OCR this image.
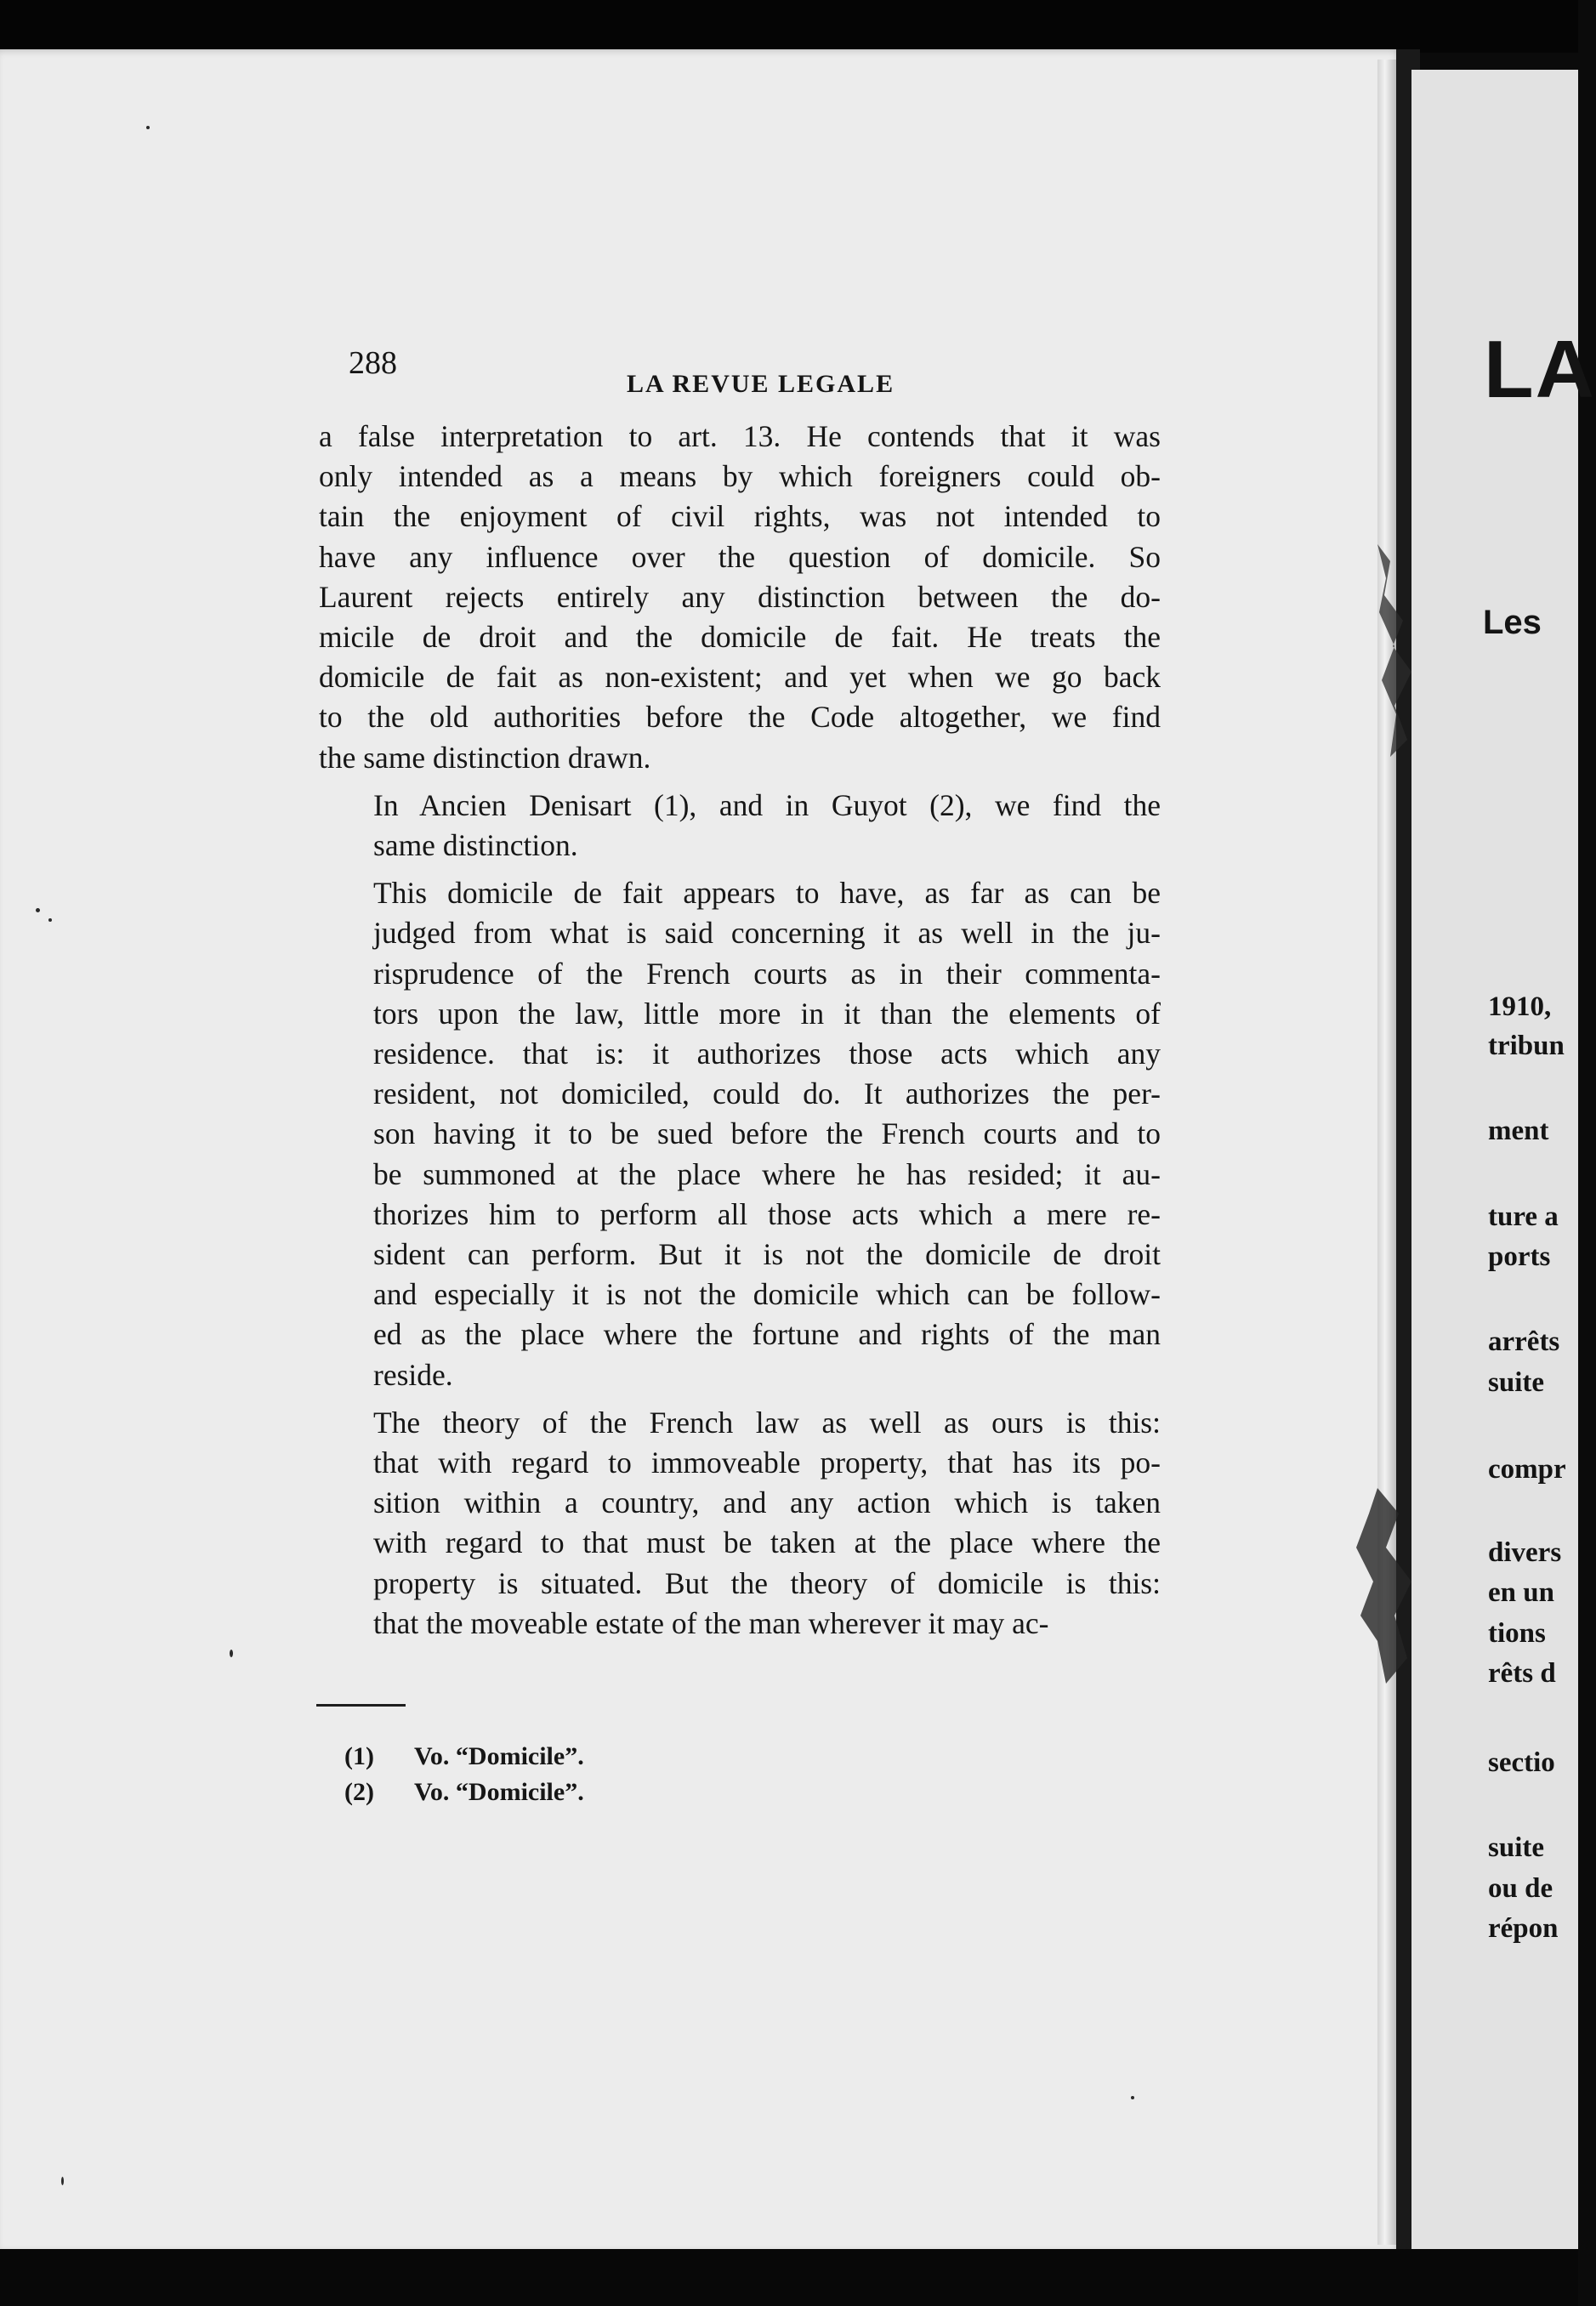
LA
Les
1910,
tribun
ment
ture a
ports
arrêts
suite
compr
divers
en un
tions
rêts d
sectio
suite
ou de
répon
288
LA REVUE LEGALE

a false interpretation to art. 13. He contends that it was
only intended as a means by which foreigners could ob-
tain the enjoyment of civil rights, was not intended to
have any influence over the question of domicile. So
Laurent rejects entirely any distinction between the do-
micile de droit and the domicile de fait. He treats the
domicile de fait as non-existent; and yet when we go back
to the old authorities before the Code altogether, we find
the same distinction drawn.

In Ancien Denisart (1), and in Guyot (2), we find the
same distinction.

This domicile de fait appears to have, as far as can be
judged from what is said concerning it as well in the ju-
risprudence of the French courts as in their commenta-
tors upon the law, little more in it than the elements of
residence. that is: it authorizes those acts which any
resident, not domiciled, could do. It authorizes the per-
son having it to be sued before the French courts and to
be summoned at the place where he has resided; it au-
thorizes him to perform all those acts which a mere re-
sident can perform. But it is not the domicile de droit
and especially it is not the domicile which can be follow-
ed as the place where the fortune and rights of the man
reside.

The theory of the French law as well as ours is this:
that with regard to immoveable property, that has its po-
sition within a country, and any action which is taken
with regard to that must be taken at the place where the
property is situated. But the theory of domicile is this:
that the moveable estate of the man wherever it may ac-

(1) Vo. “Domicile”.
(2) Vo. “Domicile”.
